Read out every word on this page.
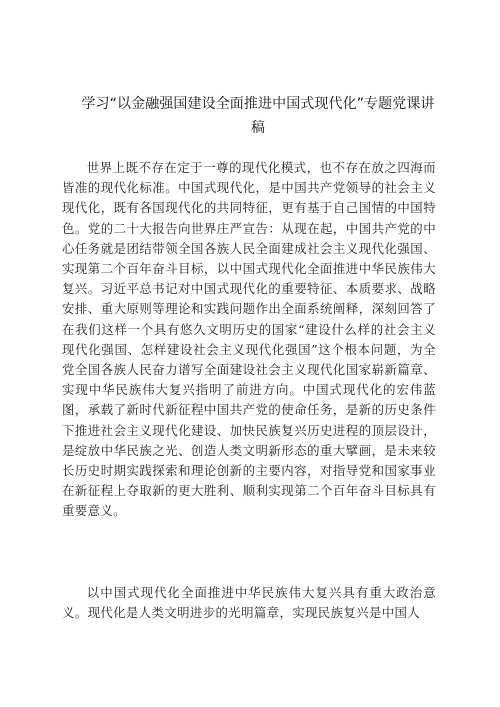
学习“以金融强国建设全面推进中国式现代化”专题党课讲稿

世界上既不存在定于一尊的现代化模式，也不存在放之四海而皆准的现代化标准。中国式现代化，是中国共产党领导的社会主义现代化，既有各国现代化的共同特征，更有基于自己国情的中国特色。党的二十大报告向世界庄严宣告：从现在起，中国共产党的中心任务就是团结带领全国各族人民全面建成社会主义现代化强国、实现第二个百年奋斗目标，以中国式现代化全面推进中华民族伟大复兴。习近平总书记对中国式现代化的重要特征、本质要求、战略安排、重大原则等理论和实践问题作出全面系统阐释，深刻回答了在我们这样一个具有悠久文明历史的国家“建设什么样的社会主义现代化强国、怎样建设社会主义现代化强国”这个根本问题，为全党全国各族人民奋力谱写全面建设社会主义现代化国家崭新篇章、实现中华民族伟大复兴指明了前进方向。中国式现代化的宏伟蓝图，承载了新时代新征程中国共产党的使命任务，是新的历史条件下推进社会主义现代化建设、加快民族复兴历史进程的顶层设计，是绽放中华民族之光、创造人类文明新形态的重大擘画，是未来较长历史时期实践探索和理论创新的主要内容，对指导党和国家事业在新征程上夺取新的更大胜利、顺利实现第二个百年奋斗目标具有重要意义。

以中国式现代化全面推进中华民族伟大复兴具有重大政治意义。现代化是人类文明进步的光明篇章，实现民族复兴是中国人
